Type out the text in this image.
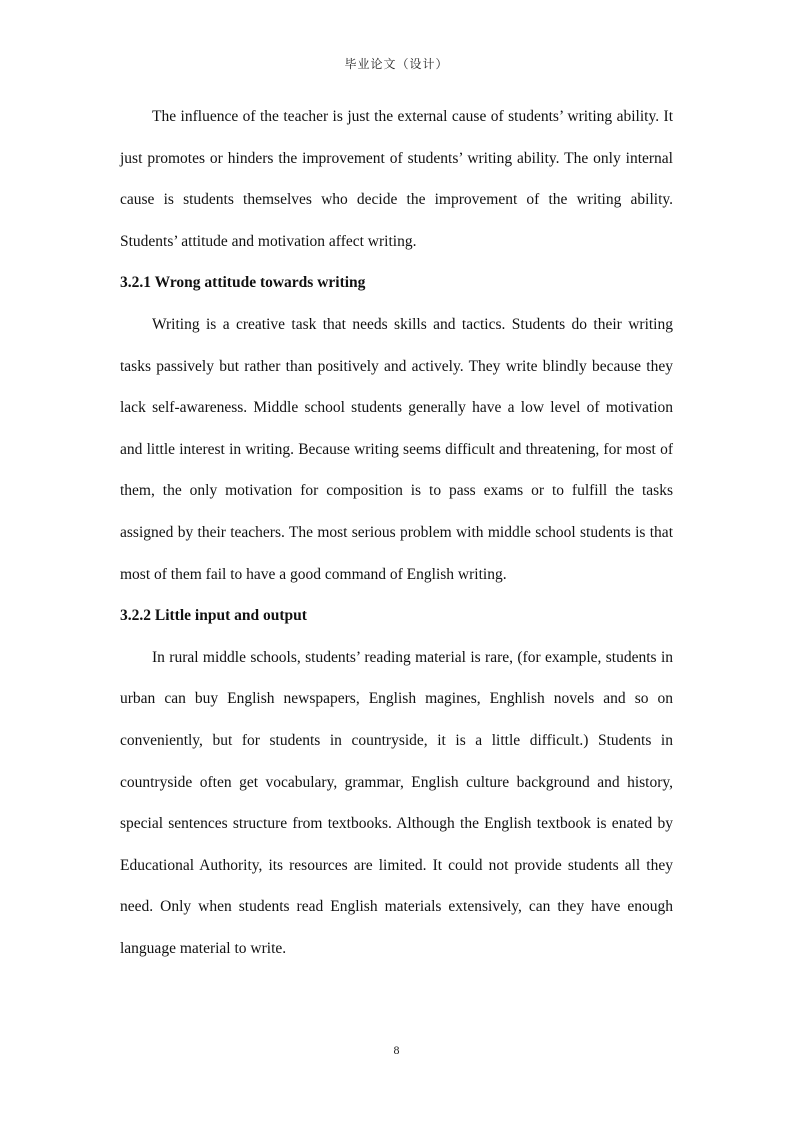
毕业论文（设计）

The influence of the teacher is just the external cause of students’ writing ability. It just promotes or hinders the improvement of students’ writing ability. The only internal cause is students themselves who decide the improvement of the writing ability. Students’ attitude and motivation affect writing.

3.2.1 Wrong attitude towards writing

Writing is a creative task that needs skills and tactics. Students do their writing tasks passively but rather than positively and actively. They write blindly because they lack self-awareness. Middle school students generally have a low level of motivation and little interest in writing. Because writing seems difficult and threatening, for most of them, the only motivation for composition is to pass exams or to fulfill the tasks assigned by their teachers. The most serious problem with middle school students is that most of them fail to have a good command of English writing.

3.2.2 Little input and output

In rural middle schools, students’ reading material is rare, (for example, students in urban can buy English newspapers, English magines, Enghlish novels and so on conveniently, but for students in countryside, it is a little difficult.) Students in countryside often get vocabulary, grammar, English culture background and history, special sentences structure from textbooks. Although the English textbook is enated by Educational Authority, its resources are limited. It could not provide students all they need. Only when students read English materials extensively, can they have enough language material to write.

8
